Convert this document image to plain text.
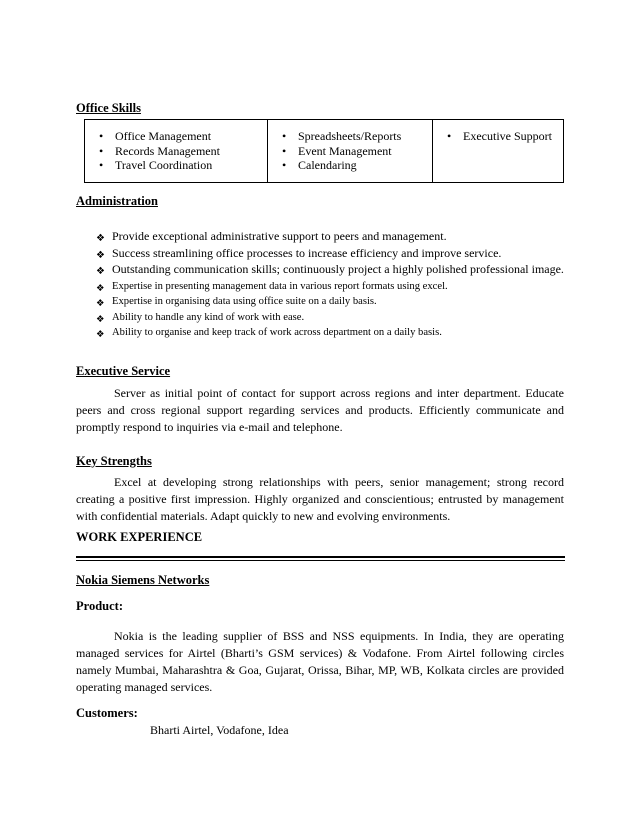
Office Skills
• Office Management
• Records Management
• Travel Coordination
• Spreadsheets/Reports
• Event Management
• Calendaring
• Executive Support
Administration
❖ Provide exceptional administrative support to peers and management.
❖ Success streamlining office processes to increase efficiency and improve service.
❖ Outstanding communication skills; continuously project a highly polished professional image.
❖ Expertise in presenting management data in various report formats using excel.
❖ Expertise in organising data using office suite on a daily basis.
❖ Ability to handle any kind of work with ease.
❖ Ability to organise and keep track of work across department on a daily basis.
Executive Service

Server as initial point of contact for support across regions and inter department. Educate peers and cross regional support regarding services and products. Efficiently communicate and promptly respond to inquiries via e-mail and telephone.

Key Strengths

Excel at developing strong relationships with peers, senior management; strong record creating a positive first impression. Highly organized and conscientious; entrusted by management with confidential materials. Adapt quickly to new and evolving environments.

WORK EXPERIENCE
Nokia Siemens Networks
Product:

Nokia is the leading supplier of BSS and NSS equipments. In India, they are operating managed services for Airtel (Bharti’s GSM services) & Vodafone. From Airtel following circles namely Mumbai, Maharashtra & Goa, Gujarat, Orissa, Bihar, MP, WB, Kolkata circles are provided operating managed services.

Customers:
Bharti Airtel, Vodafone, Idea
